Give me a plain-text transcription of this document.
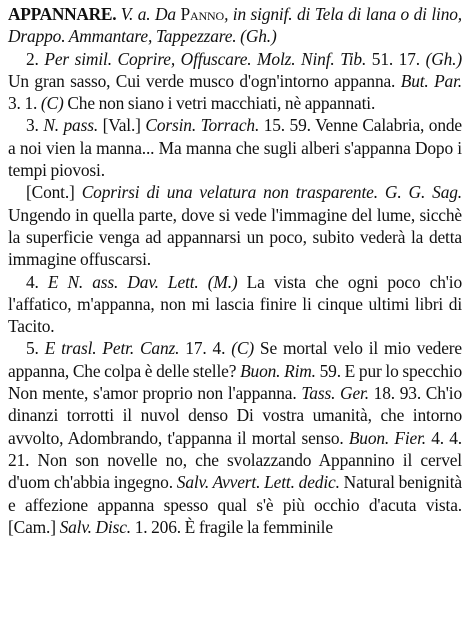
APPANNARE. V. a. Da Panno, in signif. di Tela di lana o di lino, Drappo. Ammantare, Tappezzare. (Gh.)

2. Per simil. Coprire, Offuscare. Molz. Ninf. Tib. 51. 17. (Gh.) Un gran sasso, Cui verde musco d'ogn'intorno appanna. But. Par. 3. 1. (C) Che non siano i vetri macchiati, nè appannati.

3. N. pass. [Val.] Corsin. Torrach. 15. 59. Venne Calabria, onde a noi vien la manna... Ma manna che sugli alberi s'appanna Dopo i tempi piovosi.

[Cont.] Coprirsi di una velatura non trasparente. G. G. Sag. Ungendo in quella parte, dove si vede l'immagine del lume, sicchè la superficie venga ad appannarsi un poco, subito vederà la detta immagine offuscarsi.

4. E N. ass. Dav. Lett. (M.) La vista che ogni poco ch'io l'affatico, m'appanna, non mi lascia finire li cinque ultimi libri di Tacito.

5. E trasl. Petr. Canz. 17. 4. (C) Se mortal velo il mio vedere appanna, Che colpa è delle stelle? Buon. Rim. 59. E pur lo specchio Non mente, s'amor proprio non l'appanna. Tass. Ger. 18. 93. Ch'io dinanzi torrotti il nuvol denso Di vostra umanità, che intorno avvolto, Adombrando, t'appanna il mortal senso. Buon. Fier. 4. 4. 21. Non son novelle no, che svolazzando Appannino il cervel d'uom ch'abbia ingegno. Salv. Avvert. Lett. dedic. Natural benignità e affezione appanna spesso qual s'è più occhio d'acuta vista. [Cam.] Salv. Disc. 1. 206. È fragile la femminile
